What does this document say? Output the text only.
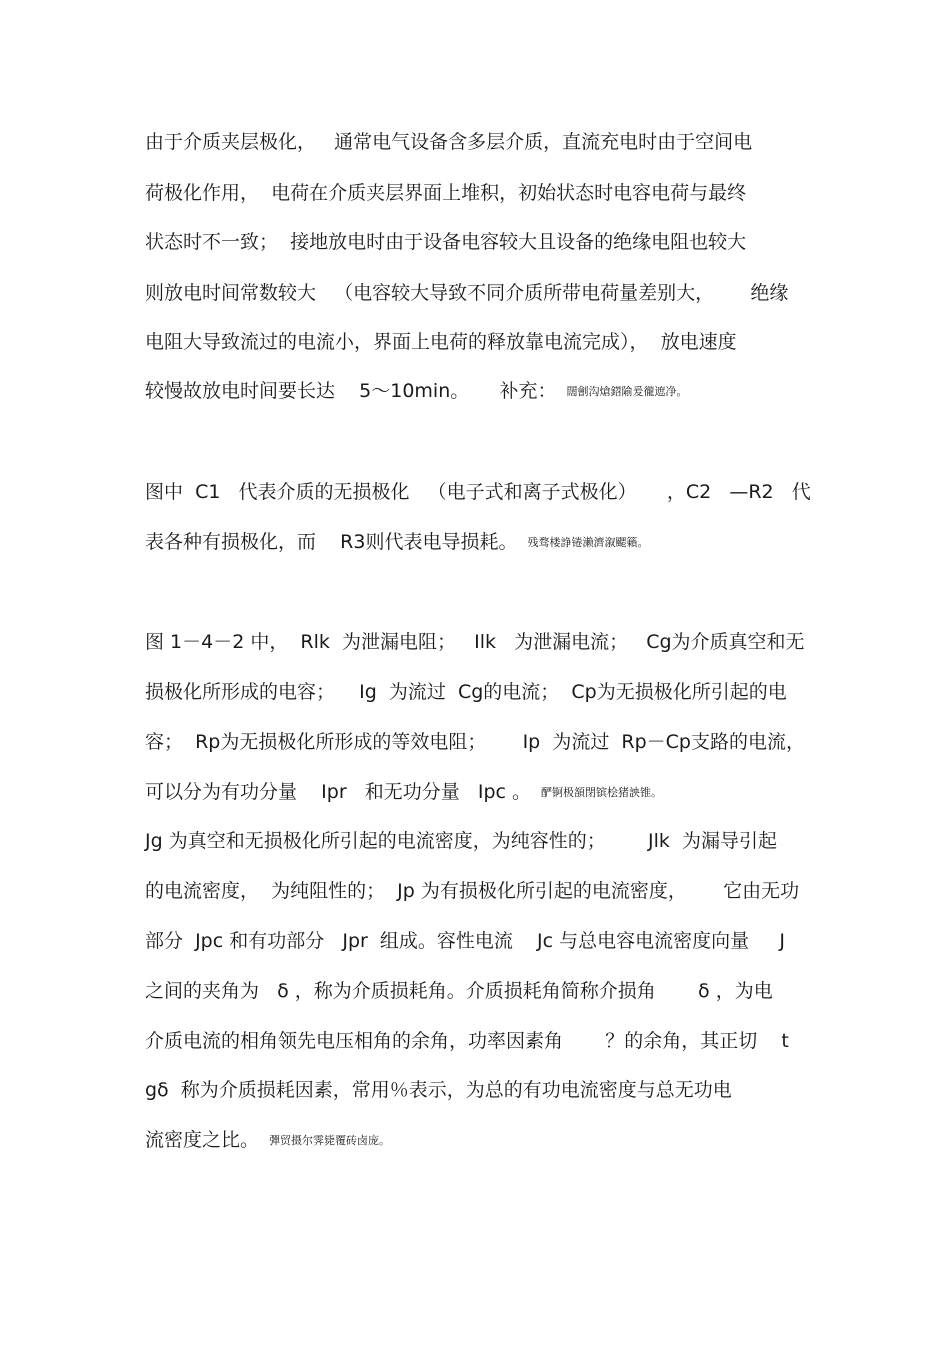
由于介质夹层极化，   通常电气设备含多层介质，直流充电时由于空间电
荷极化作用，  电荷在介质夹层界面上堆积，初始状态时电容电荷与最终
状态时不一致；  接地放电时由于设备电容较大且设备的绝缘电阻也较大
则放电时间常数较大   （电容较大导致不同介质所带电荷量差别大，      绝缘
电阻大导致流过的电流小，界面上电荷的释放靠电流完成），  放电速度
较慢故放电时间要长达    5～10min。     补充： 闊劊沟熗鍣隃爰徿遮净。
图中  C1   代表介质的无损极化   （电子式和离子式极化）     ，C2   —R2   代
表各种有损极化，而    R3则代表电导损耗。 残骛楼諍锩濑濟溆颸籟。
图 1－4－2 中，  Rlk  为泄漏电阻；   Ilk   为泄漏电流；   Cg为介质真空和无
损极化所形成的电容；    Ig  为流过  Cg的电流；  Cp为无损极化所引起的电
容；  Rp为无损极化所形成的等效电阻；      Ip  为流过  Rp－Cp支路的电流，
可以分为有功分量    Ipr   和无功分量   Ipc 。 酽锕极頟閉镔桧猪詇锥。
Jg 为真空和无损极化所引起的电流密度，为纯容性的；       Jlk  为漏导引起
的电流密度，  为纯阻性的；  Jp 为有损极化所引起的电流密度，      它由无功
部分  Jpc 和有功部分   Jpr  组成。容性电流    Jc 与总电容电流密度向量     J
之间的夹角为   δ ，称为介质损耗角。介质损耗角简称介损角       δ ，为电
介质电流的相角领先电压相角的余角，功率因素角       ？的余角，其正切    t
gδ  称为介质损耗因素，常用％表示，为总的有功电流密度与总无功电
流密度之比。 彈贸摄尔霁毙覆砖卤庞。
